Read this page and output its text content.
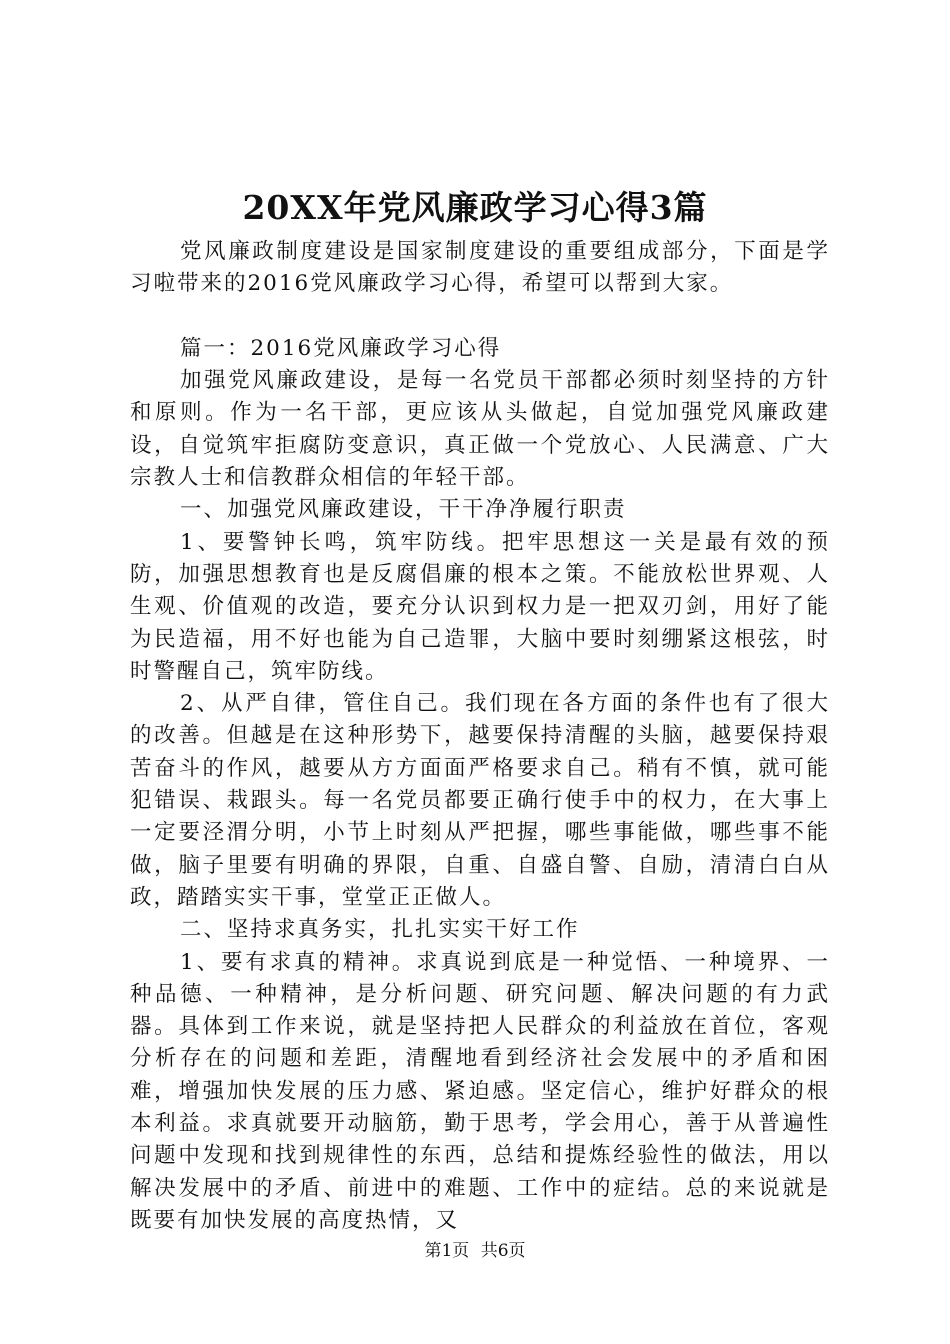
20XX年党风廉政学习心得3篇

党风廉政制度建设是国家制度建设的重要组成部分，下面是学习啦带来的2016党风廉政学习心得，希望可以帮到大家。

篇一：2016党风廉政学习心得

加强党风廉政建设，是每一名党员干部都必须时刻坚持的方针和原则。作为一名干部，更应该从头做起，自觉加强党风廉政建设，自觉筑牢拒腐防变意识，真正做一个党放心、人民满意、广大宗教人士和信教群众相信的年轻干部。

一、加强党风廉政建设，干干净净履行职责

1、要警钟长鸣，筑牢防线。把牢思想这一关是最有效的预防，加强思想教育也是反腐倡廉的根本之策。不能放松世界观、人生观、价值观的改造，要充分认识到权力是一把双刃剑，用好了能为民造福，用不好也能为自己造罪，大脑中要时刻绷紧这根弦，时时警醒自己，筑牢防线。

2、从严自律，管住自己。我们现在各方面的条件也有了很大的改善。但越是在这种形势下，越要保持清醒的头脑，越要保持艰苦奋斗的作风，越要从方方面面严格要求自己。稍有不慎，就可能犯错误、栽跟头。每一名党员都要正确行使手中的权力，在大事上一定要泾渭分明，小节上时刻从严把握，哪些事能做，哪些事不能做，脑子里要有明确的界限，自重、自盛自警、自励，清清白白从政，踏踏实实干事，堂堂正正做人。

二、坚持求真务实，扎扎实实干好工作

1、要有求真的精神。求真说到底是一种觉悟、一种境界、一种品德、一种精神，是分析问题、研究问题、解决问题的有力武器。具体到工作来说，就是坚持把人民群众的利益放在首位，客观分析存在的问题和差距，清醒地看到经济社会发展中的矛盾和困难，增强加快发展的压力感、紧迫感。坚定信心，维护好群众的根本利益。求真就要开动脑筋，勤于思考，学会用心，善于从普遍性问题中发现和找到规律性的东西，总结和提炼经验性的做法，用以解决发展中的矛盾、前进中的难题、工作中的症结。总的来说就是既要有加快发展的高度热情，又

第1页 共6页
